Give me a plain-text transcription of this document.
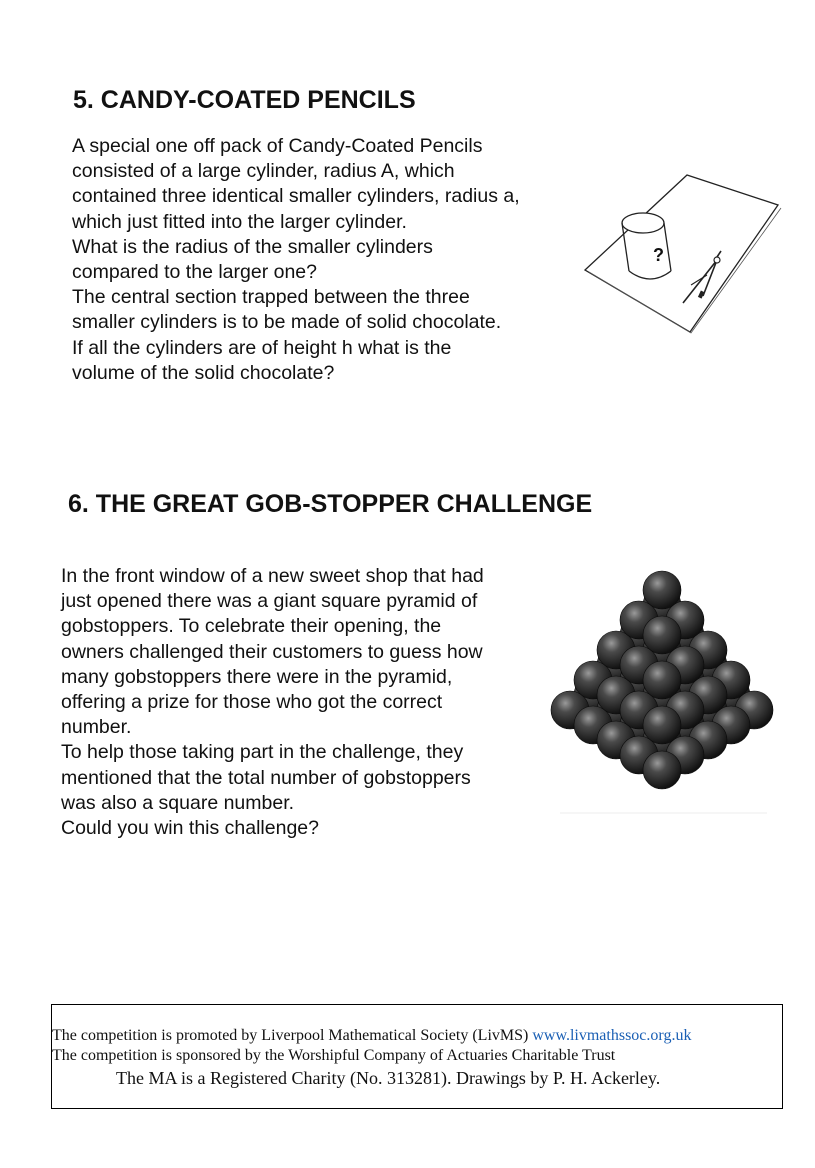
5. CANDY-COATED PENCILS
A special one off pack of Candy-Coated Pencils
consisted of a large cylinder, radius A, which
contained three identical smaller cylinders, radius a,
which just fitted into the larger cylinder.
What is the radius of the smaller cylinders
compared to the larger one?
The central section trapped between the three
smaller cylinders is to be made of solid chocolate.
If all the cylinders are of height h what is the
volume of the solid chocolate?
?
6. THE GREAT GOB-STOPPER CHALLENGE
In the front window of a new sweet shop that had
just opened there was a giant square pyramid of
gobstoppers. To celebrate their opening, the
owners challenged their customers to guess how
many gobstoppers there were in the pyramid,
offering a prize for those who got the correct
number.
To help those taking part in the challenge, they
mentioned that the total number of gobstoppers
was also a square number.
Could you win this challenge?
The competition is promoted by Liverpool Mathematical Society (LivMS) www.livmathssoc.org.uk
The competition is sponsored by the Worshipful Company of Actuaries Charitable Trust
The MA is a Registered Charity (No. 313281). Drawings by P. H. Ackerley.
